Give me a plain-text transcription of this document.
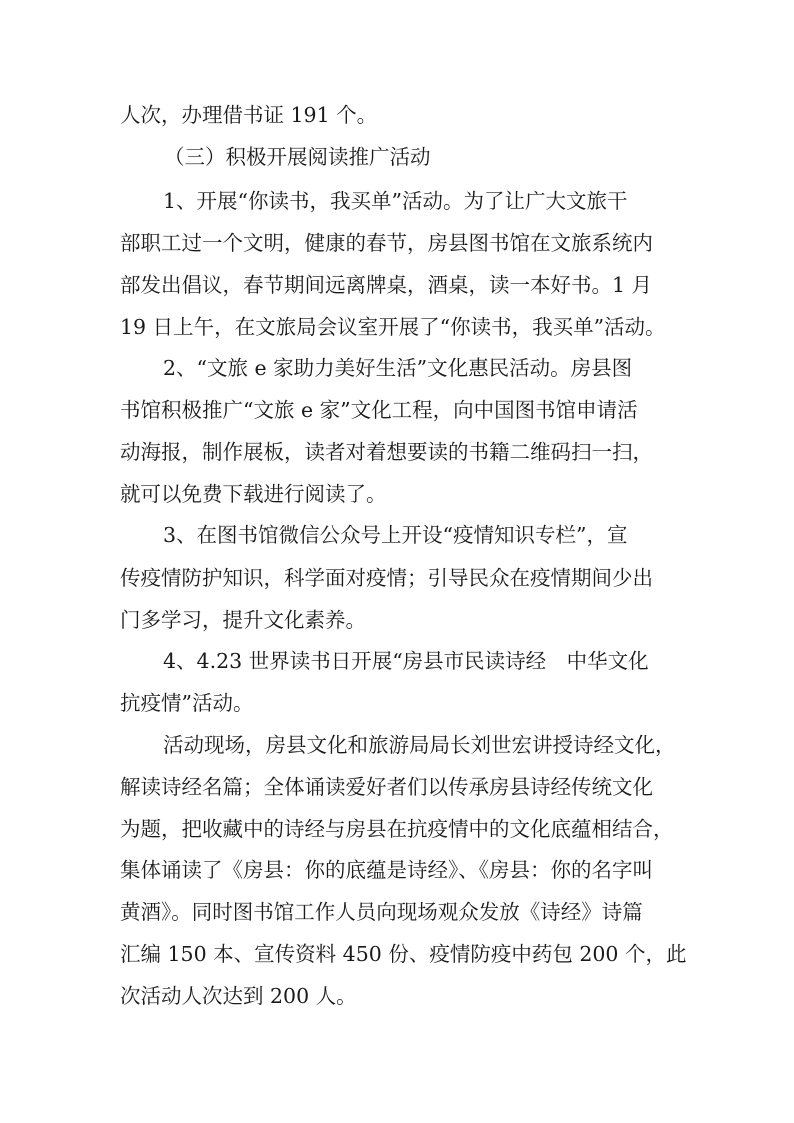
人次，办理借书证 191 个。
（三）积极开展阅读推广活动
1、开展“你读书，我买单”活动。为了让广大文旅干
部职工过一个文明，健康的春节，房县图书馆在文旅系统内
部发出倡议，春节期间远离牌桌，酒桌，读一本好书。1 月
19 日上午，在文旅局会议室开展了“你读书，我买单”活动。
2、“文旅 e 家助力美好生活”文化惠民活动。房县图
书馆积极推广“文旅 e 家”文化工程，向中国图书馆申请活
动海报，制作展板，读者对着想要读的书籍二维码扫一扫，
就可以免费下载进行阅读了。
3、在图书馆微信公众号上开设“疫情知识专栏”，宣
传疫情防护知识，科学面对疫情；引导民众在疫情期间少出
门多学习，提升文化素养。
4、4.23 世界读书日开展“房县市民读诗经　中华文化
抗疫情”活动。
活动现场，房县文化和旅游局局长刘世宏讲授诗经文化，
解读诗经名篇；全体诵读爱好者们以传承房县诗经传统文化
为题，把收藏中的诗经与房县在抗疫情中的文化底蕴相结合，
集体诵读了《房县：你的底蕴是诗经》、《房县：你的名字叫
黄酒》。同时图书馆工作人员向现场观众发放《诗经》诗篇
汇编 150 本、宣传资料 450 份、疫情防疫中药包 200 个，此
次活动人次达到 200 人。
